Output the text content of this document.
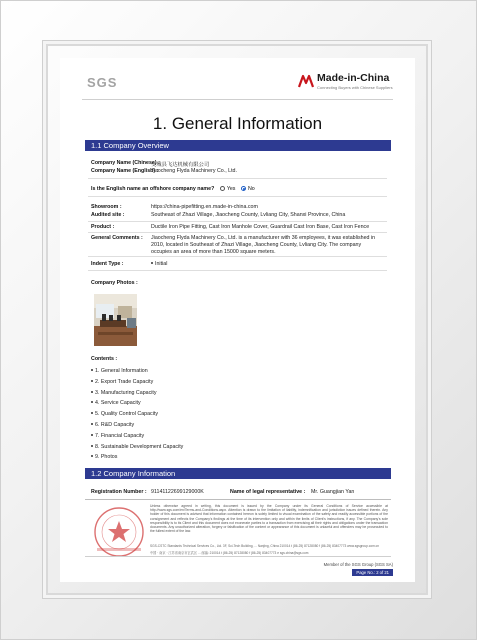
SGS	Made-in-China
Connecting Buyers with Chinese Suppliers
1. General Information
1.1 Company Overview
Company Name (Chinese) :
交城县飞达机械有限公司
Company Name (English) :
Jiaocheng Flyda Machinery Co., Ltd.
Is the English name an offshore company name? Yes No
Showroom :	https://china-pipefitting.en.made-in-china.com
Audited site :	Southeast of Zhazi Village, Jiaocheng County, Lvliang City, Shanxi Province, China
Product :	Ductile Iron Pipe Fitting, Cast Iron Manhole Cover, Guardrail Cast Iron Base, Cast Iron Fence
General Comments : Jiaocheng Flyda Machinery Co., Ltd. is a manufacturer with 36 employees, it was established in 2010, located in Southeast of Zhazi Village, Jiaocheng County, Lvliang City. The company occupies an area of more than 15000 square meters.
Indent Type :	Initial
Company Photos :
Contents :
1. General Information
2. Export Trade Capacity
3. Manufacturing Capacity
4. Service Capacity
5. Quality Control Capacity
6. R&D Capacity
7. Financial Capacity
8. Sustainable Development Capacity
9. Photos
1.2 Company Information
Registration Number : 91141122699129000K	Name of legal representative : Mr. Guangjian Yan
Unless otherwise agreed in writing, this document is issued by the Company under its General Conditions of Service accessible at http://www.sgs.com/en/Terms-and-Conditions.aspx. Attention is drawn to the limitation of liability, indemnification and jurisdiction issues defined therein. Any holder of this document is advised that information contained hereon is solely limited to visual examination of the safety and readily accessible portions of the consignment and reflects the Company's findings at the time of its intervention only and within the limits of Client's instructions, if any. The Company's sole responsibility is to its Client and this document does not exonerate parties to a transaction from exercising all their rights and obligations under the transaction documents. Any unauthorized alteration, forgery or falsification of the content or appearance of this document is unlawful and offenders may be prosecuted to the fullest extent of the law.
SGS-CSTC Standards Technical Services Co., Ltd. 3F, Sci-Tech Building, ... Nanjing, China 210014 t (86-25) 87128080 f (86-25) 83407773 www.sgsgroup.com.cn
中国 · 南京 · 江苏省南京市玄武区 ... 邮编: 210014 t (86-25) 87128080 f (86-25) 83407773 e sgs.china@sgs.com
Member of the SGS Group (SGS SA)
Page No.: 2 of 21
